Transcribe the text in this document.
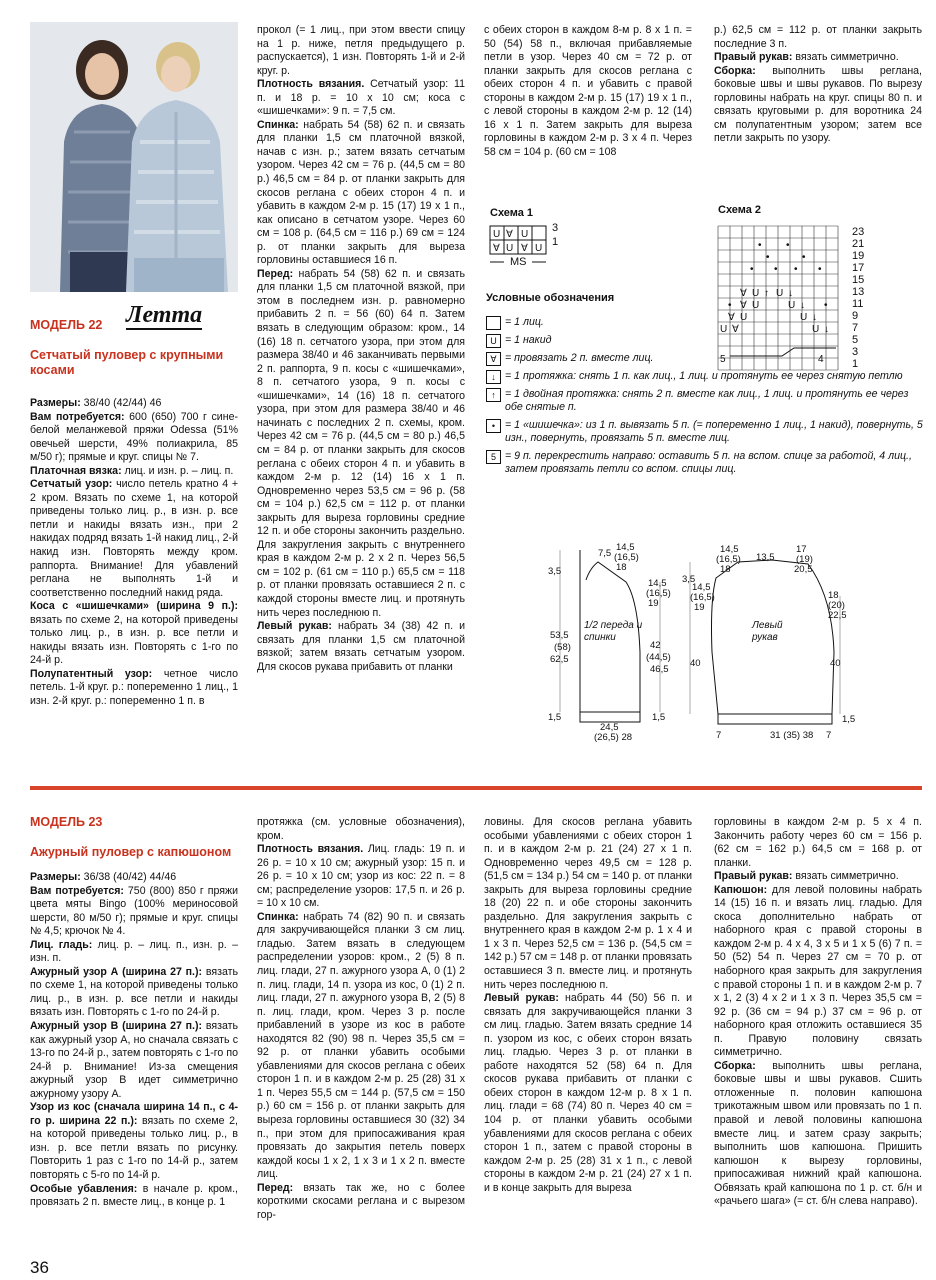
Летта
МОДЕЛЬ 22
Сетчатый пуловер с крупными косами

Размеры: 38/40 (42/44) 46

Вам потребуется: 600 (650) 700 г сине-белой меланжевой пряжи Odessa (51% овечьей шерсти, 49% полиакрила, 85 м/50 г); прямые и круг. спицы № 7.

Платочная вязка: лиц. и изн. р. – лиц. п.

Сетчатый узор: число петель кратно 4 + 2 кром. Вязать по схеме 1, на которой приведены только лиц. р., в изн. р. все петли и накиды вязать изн., при 2 накидах подряд вязать 1-й накид лиц., 2-й накид изн. Повторять между кром. раппорта. Внимание! Для убавлений реглана не выполнять 1-й и соответственно последний накид ряда.

Коса с «шишечками» (ширина 9 п.): вязать по схеме 2, на которой приведены только лиц. р., в изн. р. все петли и накиды вязать изн. Повторять с 1-го по 24-й р.

Полупатентный узор: четное число петель. 1-й круг. р.: попеременно 1 лиц., 1 изн. 2-й круг. р.: попеременно 1 п. в

прокол (= 1 лиц., при этом ввести спицу на 1 р. ниже, петля предыдущего р. распускается), 1 изн. Повторять 1-й и 2-й круг. р.

Плотность вязания. Сетчатый узор: 11 п. и 18 р. = 10 х 10 см; коса с «шишечками»: 9 п. = 7,5 см.

Спинка: набрать 54 (58) 62 п. и связать для планки 1,5 см платочной вязкой, начав с изн. р.; затем вязать сетчатым узором. Через 42 см = 76 р. (44,5 см = 80 р.) 46,5 см = 84 р. от планки закрыть для скосов реглана с обеих сторон 4 п. и убавить в каждом 2-м р. 15 (17) 19 х 1 п., как описано в сетчатом узоре. Через 60 см = 108 р. (64,5 см = 116 р.) 69 см = 124 р. от планки закрыть для выреза горловины оставшиеся 16 п.

Перед: набрать 54 (58) 62 п. и связать для планки 1,5 см платочной вязкой, при этом в последнем изн. р. равномерно прибавить 2 п. = 56 (60) 64 п. Затем вязать в следующим образом: кром., 14 (16) 18 п. сетчатого узора, при этом для размера 38/40 и 46 заканчивать первыми 2 п. раппорта, 9 п. косы с «шишечками», 8 п. сетчатого узора, 9 п. косы с «шишечками», 14 (16) 18 п. сетчатого узора, при этом для размера 38/40 и 46 начинать с последних 2 п. схемы, кром. Через 42 см = 76 р. (44,5 см = 80 р.) 46,5 см = 84 р. от планки закрыть для скосов реглана с обеих сторон 4 п. и убавить в каждом 2-м р. 12 (14) 16 х 1 п. Одновременно через 53,5 см = 96 р. (58 см = 104 р.) 62,5 см = 112 р. от планки закрыть для выреза горловины средние 12 п. и обе стороны закончить раздельно. Для закругления закрыть с внутреннего края в каждом 2-м р. 2 х 2 п. Через 56,5 см = 102 р. (61 см = 110 р.) 65,5 см = 118 р. от планки провязать оставшиеся 2 п. с каждой стороны вместе лиц. и протянуть нить через последнюю п.

Левый рукав: набрать 34 (38) 42 п. и связать для планки 1,5 см платочной вязкой; затем вязать сетчатым узором. Для скосов рукава прибавить от планки

с обеих сторон в каждом 8-м р. 8 х 1 п. = 50 (54) 58 п., включая прибавляемые петли в узор. Через 40 см = 72 р. от планки закрыть для скосов реглана с обеих сторон 4 п. и убавить с правой стороны в каждом 2-м р. 15 (17) 19 х 1 п., с левой стороны в каждом 2-м р. 12 (14) 16 х 1 п. Затем закрыть для выреза горловины в каждом 2-м р. 3 х 4 п. Через 58 см = 104 р. (60 см = 108

р.) 62,5 см = 112 р. от планки закрыть последние 3 п.

Правый рукав: вязать симметрично.

Сборка: выполнить швы реглана, боковые швы и швы рукавов. По вырезу горловины набрать на круг. спицы 80 п. и связать круговыми р. для воротника 24 см полупатентным узором; затем все петли закрыть по узору.

Схема 1
U ∀ U
∀ U ∀ U
3
1
MS
Схема 2
• •
•	•
• • • •
∀ U ↑ U ↓
• ∀ U	U ↓ •
∀ U	U ↓
U ∀	U ↓
5	4
23
21
19
17
15
13
11
9
7
5
3
1
Условные обозначения
= 1 лиц.
U = 1 накид
∀ = провязать 2 п. вместе лиц.
↓ = 1 протяжка: снять 1 п. как лиц., 1 лиц. и протянуть ее через снятую петлю
↑ = 1 двойная протяжка: снять 2 п. вместе как лиц., 1 лиц. и протянуть ее через обе снятые п.
• = 1 «шишечка»: из 1 п. вывязать 5 п. (= попеременно 1 лиц., 1 накид), повернуть, 5 изн., повернуть, провязать 5 п. вместе лиц.
5 = 9 п. перекрестить направо: оставить 5 п. на вспом. спице за работой, 4 лиц., затем провязать петли со вспом. спицы лиц.
1/2 переда и спинки
Левый рукав
7,5
14,5
(16,5)
18
3,5
14,5
(16,5)
19
53,5
(58)
62,5
42
(44,5)
46,5
1,5
24,5
(26,5) 28
14,5
(16,5)
18
13,5
17
(19)
20,5
3,5
14,5
(16,5)
19
18
(20)
22,5
40	40
1,5
7	31 (35) 38 7
1,5
МОДЕЛЬ 23
Ажурный пуловер с капюшоном

Размеры: 36/38 (40/42) 44/46

Вам потребуется: 750 (800) 850 г пряжи цвета мяты Bingo (100% мериносовой шерсти, 80 м/50 г); прямые и круг. спицы № 4,5; крючок № 4.

Лиц. гладь: лиц. р. – лиц. п., изн. р. – изн. п.

Ажурный узор А (ширина 27 п.): вязать по схеме 1, на которой приведены только лиц. р., в изн. р. все петли и накиды вязать изн. Повторять с 1-го по 24-й р.

Ажурный узор В (ширина 27 п.): вязать как ажурный узор А, но сначала связать с 13-го по 24-й р., затем повторять с 1-го по 24-й р. Внимание! Из-за смещения ажурный узор В идет симметрично ажурному узору А.

Узор из кос (сначала ширина 14 п., с 4-го р. ширина 22 п.): вязать по схеме 2, на которой приведены только лиц. р., в изн. р. все петли вязать по рисунку. Повторить 1 раз с 1-го по 14-й р., затем повторять с 5-го по 14-й р.

Особые убавления: в начале р. кром., провязать 2 п. вместе лиц., в конце р. 1

протяжка (см. условные обозначения), кром.

Плотность вязания. Лиц. гладь: 19 п. и 26 р. = 10 х 10 см; ажурный узор: 15 п. и 26 р. = 10 х 10 см; узор из кос: 22 п. = 8 см; распределение узоров: 17,5 п. и 26 р. = 10 х 10 см.

Спинка: набрать 74 (82) 90 п. и связать для закручивающейся планки 3 см лиц. гладью. Затем вязать в следующем распределении узоров: кром., 2 (5) 8 п. лиц. глади, 27 п. ажурного узора А, 0 (1) 2 п. лиц. глади, 14 п. узора из кос, 0 (1) 2 п. лиц. глади, 27 п. ажурного узора В, 2 (5) 8 п. лиц. глади, кром. Через 3 р. после прибавлений в узоре из кос в работе находятся 82 (90) 98 п. Через 35,5 см = 92 р. от планки убавить особыми убавлениями для скосов реглана с обеих сторон 1 п. и в каждом 2-м р. 25 (28) 31 х 1 п. Через 55,5 см = 144 р. (57,5 см = 150 р.) 60 см = 156 р. от планки закрыть для выреза горловины оставшиеся 30 (32) 34 п., при этом для припосаживания края провязать до закрытия петель поверх каждой косы 1 х 2, 1 х 3 и 1 х 2 п. вместе лиц.

Перед: вязать так же, но с более короткими скосами реглана и с вырезом гор-

ловины. Для скосов реглана убавить особыми убавлениями с обеих сторон 1 п. и в каждом 2-м р. 21 (24) 27 х 1 п. Одновременно через 49,5 см = 128 р. (51,5 см = 134 р.) 54 см = 140 р. от планки закрыть для выреза горловины средние 18 (20) 22 п. и обе стороны закончить раздельно. Для закругления закрыть с внутреннего края в каждом 2-м р. 1 х 4 и 1 х 3 п. Через 52,5 см = 136 р. (54,5 см = 142 р.) 57 см = 148 р. от планки провязать оставшиеся 3 п. вместе лиц. и протянуть нить через последнюю п.

Левый рукав: набрать 44 (50) 56 п. и связать для закручивающейся планки 3 см лиц. гладью. Затем вязать средние 14 п. узором из кос, с обеих сторон вязать лиц. гладью. Через 3 р. от планки в работе находятся 52 (58) 64 п. Для скосов рукава прибавить от планки с обеих сторон в каждом 12-м р. 8 х 1 п. лиц. глади = 68 (74) 80 п. Через 40 см = 104 р. от планки убавить особыми убавлениями для скосов реглана с обеих сторон 1 п., затем с правой стороны в каждом 2-м р. 25 (28) 31 х 1 п., с левой стороны в каждом 2-м р. 21 (24) 27 х 1 п. и в конце закрыть для выреза

горловины в каждом 2-м р. 5 х 4 п. Закончить работу через 60 см = 156 р. (62 см = 162 р.) 64,5 см = 168 р. от планки.

Правый рукав: вязать симметрично.

Капюшон: для левой половины набрать 14 (15) 16 п. и вязать лиц. гладью. Для скоса дополнительно набрать от наборного края с правой стороны в каждом 2-м р. 4 х 4, 3 х 5 и 1 х 5 (6) 7 п. = 50 (52) 54 п. Через 27 см = 70 р. от наборного края закрыть для закругления с правой стороны 1 п. и в каждом 2-м р. 7 х 1, 2 (3) 4 х 2 и 1 х 3 п. Через 35,5 см = 92 р. (36 см = 94 р.) 37 см = 96 р. от наборного края отложить оставшиеся 35 п. Правую половину связать симметрично.

Сборка: выполнить швы реглана, боковые швы и швы рукавов. Сшить отложенные п. половин капюшона трикотажным швом или провязать по 1 п. правой и левой половины капюшона вместе лиц. и затем сразу закрыть; выполнить шов капюшона. Пришить капюшон к вырезу горловины, припосаживая нижний край капюшона. Обвязать край капюшона по 1 р. ст. б/н и «рачьего шага» (= ст. б/н слева направо).

36
